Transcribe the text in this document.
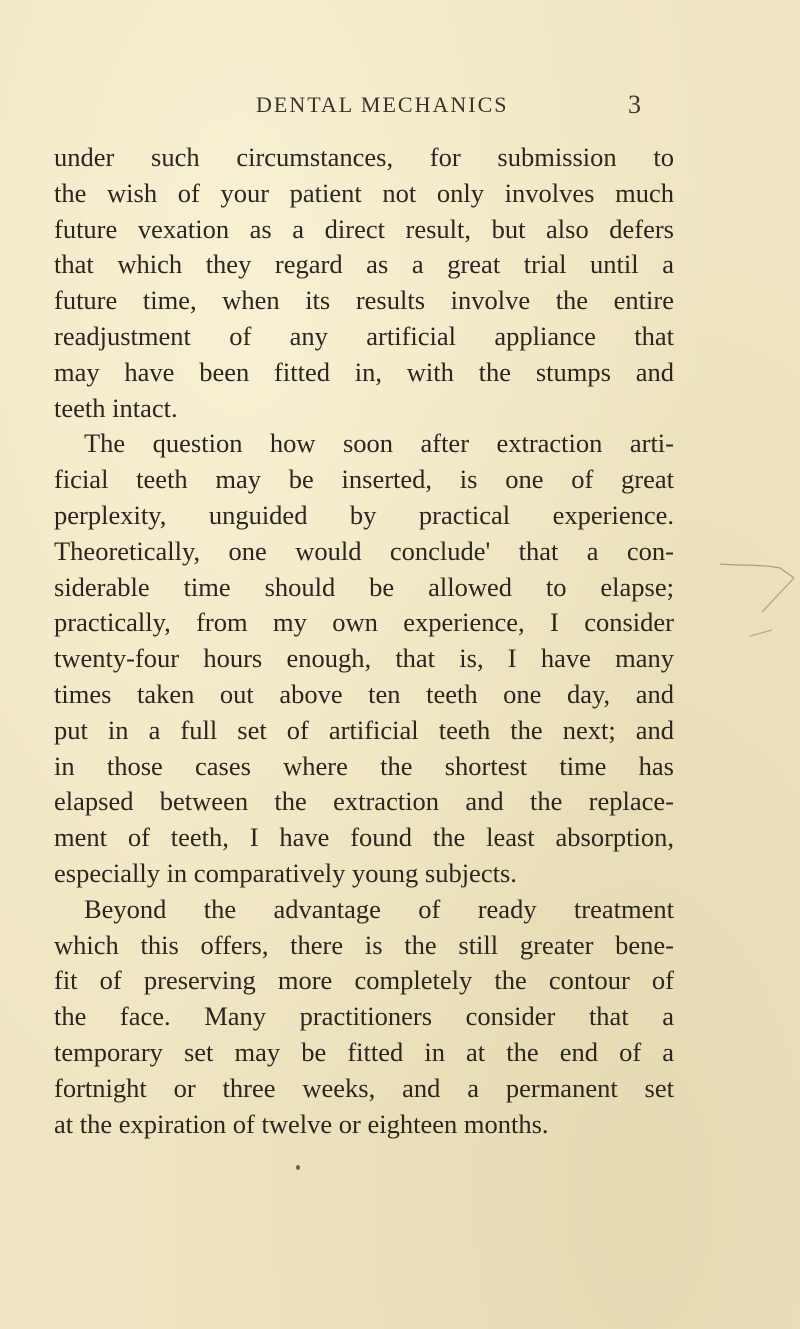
DENTAL MECHANICS	3
under such circumstances, for submission to
the wish of your patient not only involves much
future vexation as a direct result, but also defers
that which they regard as a great trial until a
future time, when its results involve the entire
readjustment of any artificial appliance that
may have been fitted in, with the stumps and
teeth intact.
The question how soon after extraction arti-
ficial teeth may be inserted, is one of great
perplexity, unguided by practical experience.
Theoretically, one would conclude' that a con-
siderable time should be allowed to elapse;
practically, from my own experience, I consider
twenty-four hours enough, that is, I have many
times taken out above ten teeth one day, and
put in a full set of artificial teeth the next; and
in those cases where the shortest time has
elapsed between the extraction and the replace-
ment of teeth, I have found the least absorption,
especially in comparatively young subjects.
Beyond the advantage of ready treatment
which this offers, there is the still greater bene-
fit of preserving more completely the contour of
the face. Many practitioners consider that a
temporary set may be fitted in at the end of a
fortnight or three weeks, and a permanent set
at the expiration of twelve or eighteen months.
